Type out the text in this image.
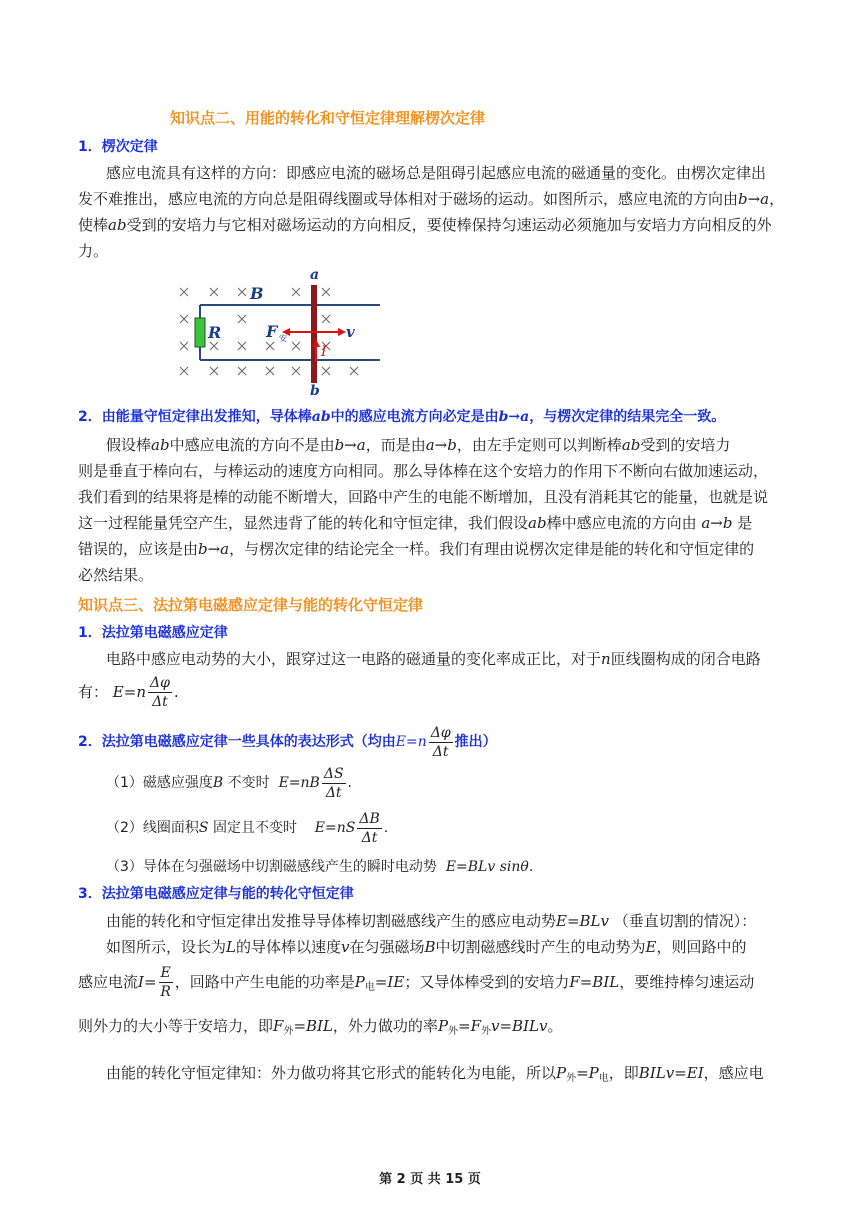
知识点二、用能的转化和守恒定律理解楞次定律
1．楞次定律
感应电流具有这样的方向：即感应电流的磁场总是阻碍引起感应电流的磁通量的变化。由楞次定律出
发不难推出，感应电流的方向总是阻碍线圈或导体相对于磁场的运动。如图所示，感应电流的方向由b→a，
使棒ab受到的安培力与它相对磁场运动的方向相反，要使棒保持匀速运动必须施加与安培力方向相反的外
力。
a
b
B
R	F 安	v
I
2．由能量守恒定律出发推知，导体棒ab中的感应电流方向必定是由b→a，与楞次定律的结果完全一致。
假设棒ab中感应电流的方向不是由b→a，而是由a→b，由左手定则可以判断棒ab受到的安培力
则是垂直于棒向右，与棒运动的速度方向相同。那么导体棒在这个安培力的作用下不断向右做加速运动，
我们看到的结果将是棒的动能不断增大，回路中产生的电能不断增加，且没有消耗其它的能量，也就是说
这一过程能量凭空产生，显然违背了能的转化和守恒定律，我们假设ab棒中感应电流的方向由 a→b 是
错误的，应该是由b→a，与楞次定律的结论完全一样。我们有理由说楞次定律是能的转化和守恒定律的
必然结果。
知识点三、法拉第电磁感应定律与能的转化守恒定律
1．法拉第电磁感应定律
电路中感应电动势的大小，跟穿过这一电路的磁通量的变化率成正比，对于n匝线圈构成的闭合电路
有： $E=n \frac{\Delta\varphi}{\Delta t}$ .
2．法拉第电磁感应定律一些具体的表达形式（均由$E=n \frac{\Delta\varphi}{\Delta t}$ 推出）
（1）磁感应强度B 不变时 $E=nB \frac{\Delta S}{\Delta t}$ .
（2）线圈面积S 固定且不变时 $E=nS \frac{\Delta B}{\Delta t}$ .
（3）导体在匀强磁场中切割磁感线产生的瞬时电动势 E=BLv sinθ.
3．法拉第电磁感应定律与能的转化守恒定律
由能的转化和守恒定律出发推导导体棒切割磁感线产生的感应电动势E=BLv （垂直切割的情况）：
如图所示，设长为L的导体棒以速度v在匀强磁场B中切割磁感线时产生的电动势为E，则回路中的
感应电流$I= \frac{E}{R}$ ，回路中产生电能的功率是$P_电=IE$；又导体棒受到的安培力F=BIL，要维持棒匀速运动
则外力的大小等于安培力，即$F_外=BIL$，外力做功的率$P_外=F_外v=BILv$。
由能的转化守恒定律知：外力做功将其它形式的能转化为电能，所以$P_外=P_电$，即BILv=EI，感应电
第 2 页 共 15 页
